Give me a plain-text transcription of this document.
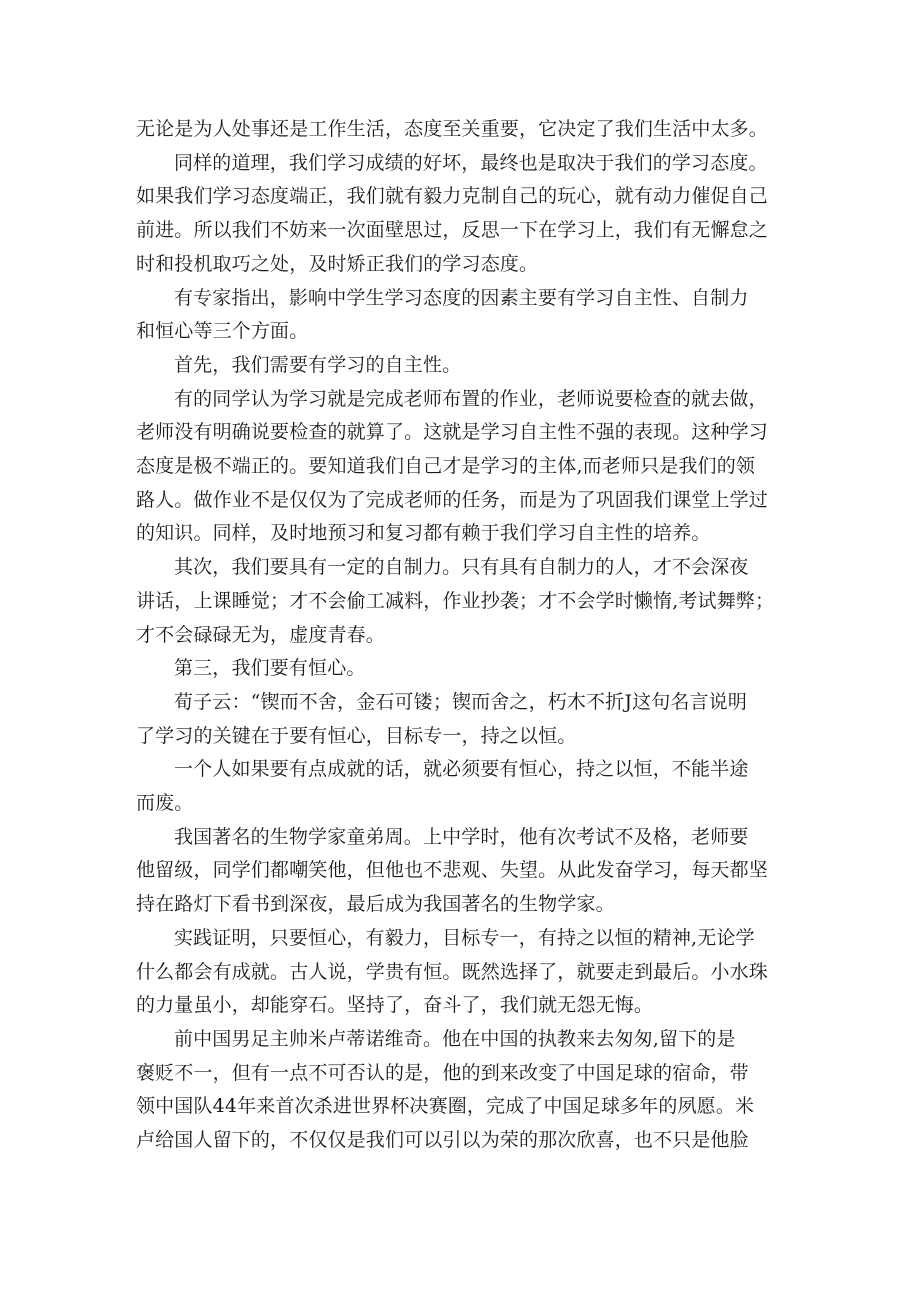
无论是为人处事还是工作生活，态度至关重要，它决定了我们生活中太多。

同样的道理，我们学习成绩的好坏，最终也是取决于我们的学习态度。
如果我们学习态度端正，我们就有毅力克制自己的玩心，就有动力催促自己
前进。所以我们不妨来一次面壁思过，反思一下在学习上，我们有无懈怠之
时和投机取巧之处，及时矫正我们的学习态度。

有专家指出，影响中学生学习态度的因素主要有学习自主性、自制力
和恒心等三个方面。

首先，我们需要有学习的自主性。

有的同学认为学习就是完成老师布置的作业，老师说要检查的就去做，
老师没有明确说要检查的就算了。这就是学习自主性不强的表现。这种学习
态度是极不端正的。要知道我们自己才是学习的主体,而老师只是我们的领
路人。做作业不是仅仅为了完成老师的任务，而是为了巩固我们课堂上学过
的知识。同样，及时地预习和复习都有赖于我们学习自主性的培养。

其次，我们要具有一定的自制力。只有具有自制力的人，才不会深夜
讲话，上课睡觉；才不会偷工减料，作业抄袭；才不会学时懒惰,考试舞弊；
才不会碌碌无为，虚度青春。

第三，我们要有恒心。

荀子云：“锲而不舍，金石可镂；锲而舍之，朽木不折J这句名言说明
了学习的关键在于要有恒心，目标专一，持之以恒。

一个人如果要有点成就的话，就必须要有恒心，持之以恒，不能半途
而废。

我国著名的生物学家童弟周。上中学时，他有次考试不及格，老师要
他留级，同学们都嘲笑他，但他也不悲观、失望。从此发奋学习，每天都坚
持在路灯下看书到深夜，最后成为我国著名的生物学家。

实践证明，只要恒心，有毅力，目标专一，有持之以恒的精神,无论学
什么都会有成就。古人说，学贵有恒。既然选择了，就要走到最后。小水珠
的力量虽小，却能穿石。坚持了，奋斗了，我们就无怨无悔。

前中国男足主帅米卢蒂诺维奇。他在中国的执教来去匆匆,留下的是
褒贬不一，但有一点不可否认的是，他的到来改变了中国足球的宿命，带
领中国队44年来首次杀进世界杯决赛圈，完成了中国足球多年的夙愿。米
卢给国人留下的，不仅仅是我们可以引以为荣的那次欣喜，也不只是他脸
